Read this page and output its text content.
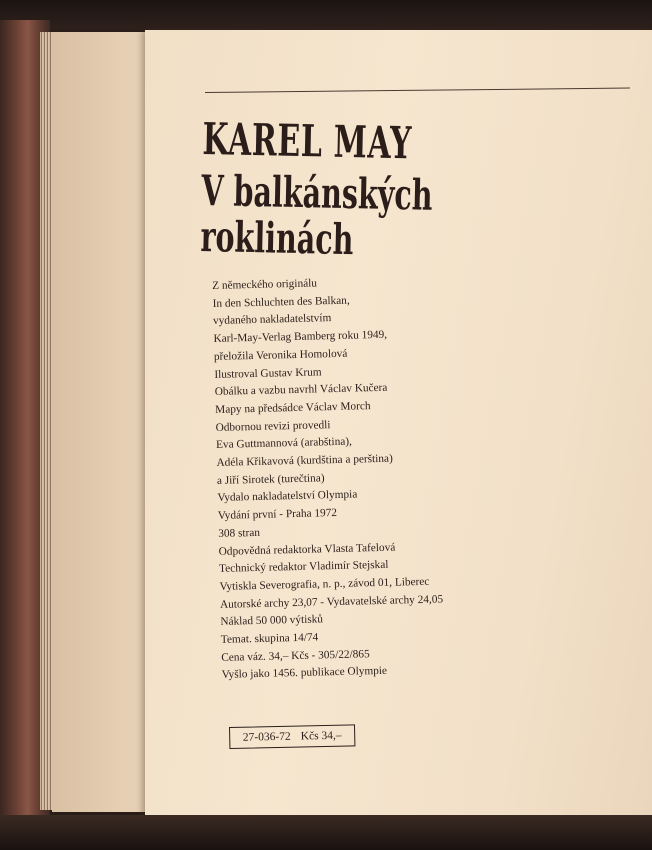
KAREL MAY
V balkánských
roklinách
Z německého originálu
In den Schluchten des Balkan,
vydaného nakladatelstvím
Karl-May-Verlag Bamberg roku 1949,
přeložila Veronika Homolová
Ilustroval Gustav Krum
Obálku a vazbu navrhl Václav Kučera
Mapy na předsádce Václav Morch
Odbornou revizi provedli
Eva Guttmannová (arabština),
Adéla Křikavová (kurdština a perština)
a Jiří Sirotek (turečtina)
Vydalo nakladatelství Olympia
Vydání první - Praha 1972
308 stran
Odpovědná redaktorka Vlasta Tafelová
Technický redaktor Vladimír Stejskal
Vytiskla Severografia, n. p., závod 01, Liberec
Autorské archy 23,07 - Vydavatelské archy 24,05
Náklad 50 000 výtisků
Temat. skupina 14/74
Cena váz. 34,– Kčs - 305/22/865
Vyšlo jako 1456. publikace Olympie
27-036-72 Kčs 34,–
